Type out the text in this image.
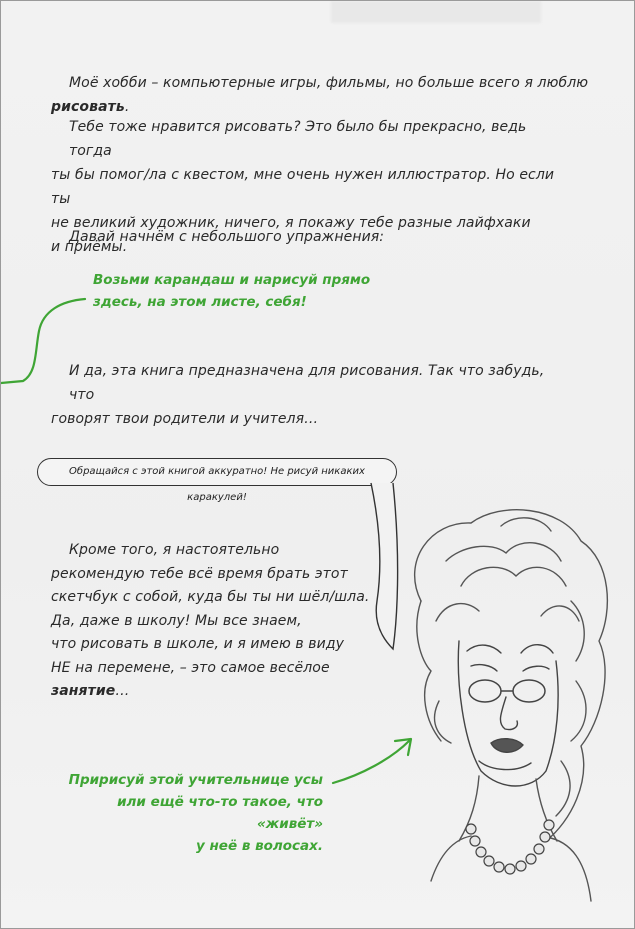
Моё хобби – компьютерные игры, фильмы, но больше всего я люблю
рисовать.
Тебе тоже нравится рисовать? Это было бы прекрасно, ведь тогда
ты бы помог/ла с квестом, мне очень нужен иллюстратор. Но если ты
не великий художник, ничего, я покажу тебе разные лайфхаки
и приёмы.
Давай начнём с небольшого упражнения:
Возьми карандаш и нарисуй прямо
здесь, на этом листе, себя!
И да, эта книга предназначена для рисования. Так что забудь, что
говорят твои родители и учителя…
Обращайся с этой книгой аккуратно! Не рисуй никаких каракулей!
Кроме того, я настоятельно
рекомендую тебе всё время брать этот
скетчбук с собой, куда бы ты ни шёл/шла.
Да, даже в школу! Мы все знаем,
что рисовать в школе, и я имею в виду
НЕ на перемене, – это самое весёлое
занятие…
Пририсуй этой учительнице усы
или ещё что-то такое, что «живёт»
у неё в волосах.
